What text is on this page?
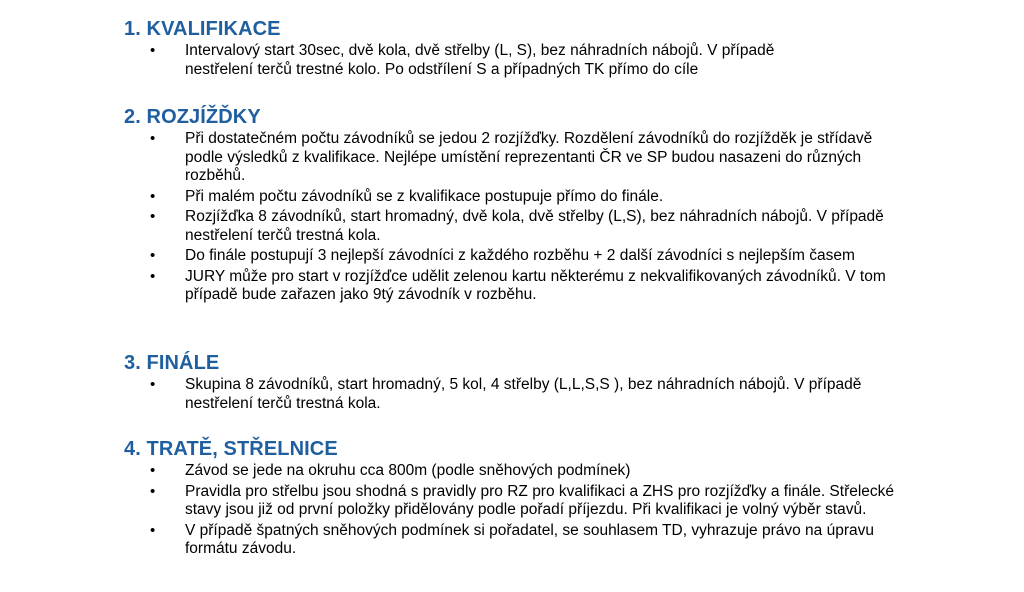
1. KVALIFIKACE
• Intervalový start 30sec, dvě kola, dvě střelby (L, S), bez náhradních nábojů. V případě nestřelení terčů trestné kolo. Po odstřílení S a případných TK přímo do cíle
2. ROZJÍŽĎKY
• Při dostatečném počtu závodníků se jedou 2 rozjížďky. Rozdělení závodníků do rozjížděk je střídavě podle výsledků z kvalifikace. Nejlépe umístění reprezentanti ČR ve SP budou nasazeni do různých rozběhů.
• Při malém počtu závodníků se z kvalifikace postupuje přímo do finále.
• Rozjížďka 8 závodníků, start hromadný, dvě kola, dvě střelby (L,S), bez náhradních nábojů. V případě nestřelení terčů trestná kola.
• Do finále postupují 3 nejlepší závodníci z každého rozběhu + 2 další závodníci s nejlepším časem
• JURY může pro start v rozjížďce udělit zelenou kartu některému z nekvalifikovaných závodníků. V tom případě bude zařazen jako 9tý závodník v rozběhu.
3. FINÁLE
• Skupina 8 závodníků, start hromadný, 5 kol, 4 střelby (L,L,S,S ), bez náhradních nábojů. V případě nestřelení terčů trestná kola.
4. TRATĚ, STŘELNICE
• Závod se jede na okruhu cca 800m (podle sněhových podmínek)
• Pravidla pro střelbu jsou shodná s pravidly pro RZ pro kvalifikaci a ZHS pro rozjížďky a finále. Střelecké stavy jsou již od první položky přidělovány podle pořadí příjezdu. Při kvalifikaci je volný výběr stavů.
• V případě špatných sněhových podmínek si pořadatel, se souhlasem TD, vyhrazuje právo na úpravu formátu závodu.
